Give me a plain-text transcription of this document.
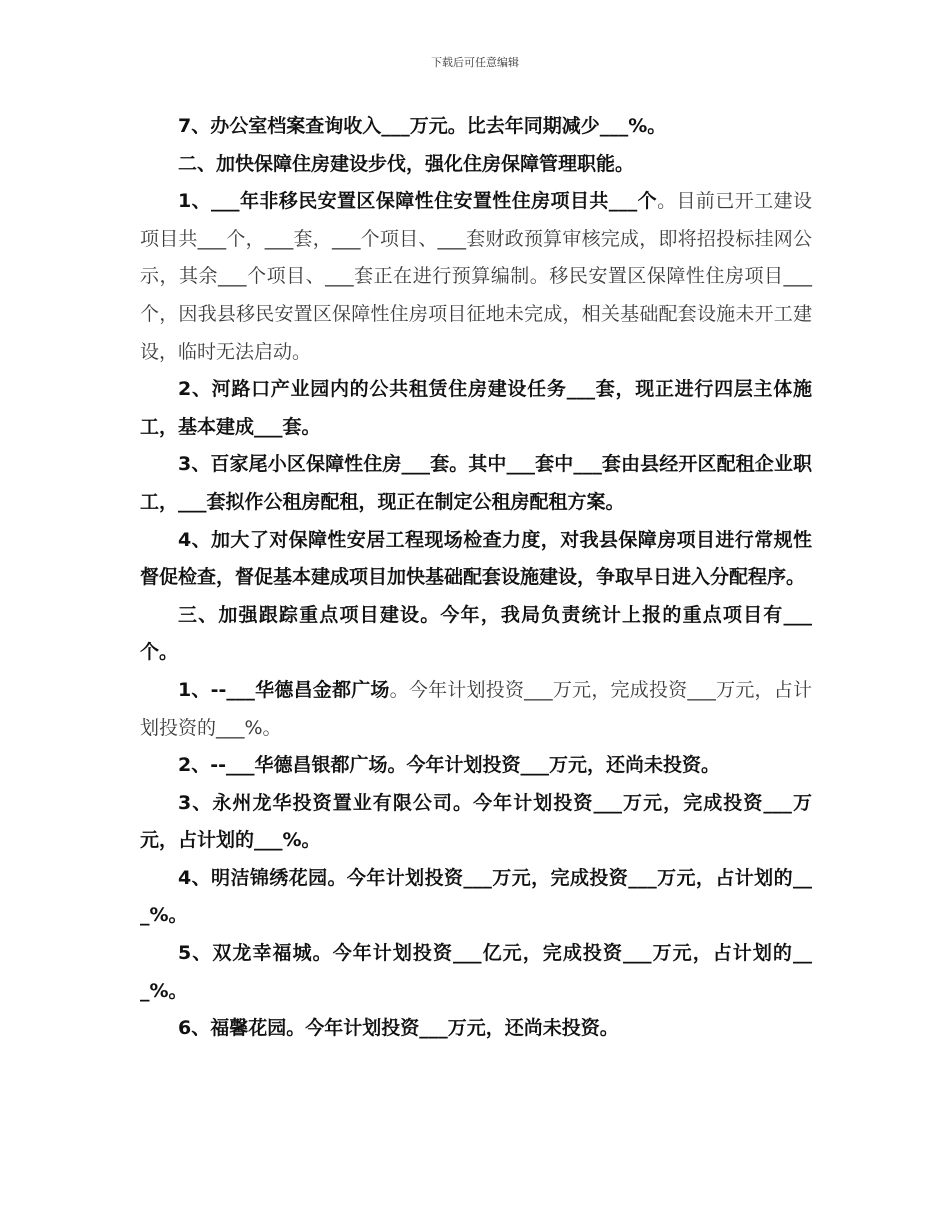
下载后可任意编辑

7、办公室档案查询收入___万元。比去年同期减少___%。

二、加快保障住房建设步伐，强化住房保障管理职能。

1、___年非移民安置区保障性住安置性住房项目共___个。目前已开工建设项目共___个，___套，___个项目、___套财政预算审核完成，即将招投标挂网公示，其余___个项目、___套正在进行预算编制。移民安置区保障性住房项目___个，因我县移民安置区保障性住房项目征地未完成，相关基础配套设施未开工建设，临时无法启动。

2、河路口产业园内的公共租赁住房建设任务___套，现正进行四层主体施工，基本建成___套。

3、百家尾小区保障性住房___套。其中___套中___套由县经开区配租企业职工，___套拟作公租房配租，现正在制定公租房配租方案。

4、加大了对保障性安居工程现场检查力度，对我县保障房项目进行常规性督促检查，督促基本建成项目加快基础配套设施建设，争取早日进入分配程序。

三、加强跟踪重点项目建设。今年，我局负责统计上报的重点项目有___个。

1、--___华德昌金都广场。今年计划投资___万元，完成投资___万元，占计划投资的___%。

2、--___华德昌银都广场。今年计划投资___万元，还尚未投资。

3、永州龙华投资置业有限公司。今年计划投资___万元，完成投资___万元，占计划的___%。

4、明洁锦绣花园。今年计划投资___万元，完成投资___万元，占计划的___%。

5、双龙幸福城。今年计划投资___亿元，完成投资___万元，占计划的___%。

6、福馨花园。今年计划投资___万元，还尚未投资。
